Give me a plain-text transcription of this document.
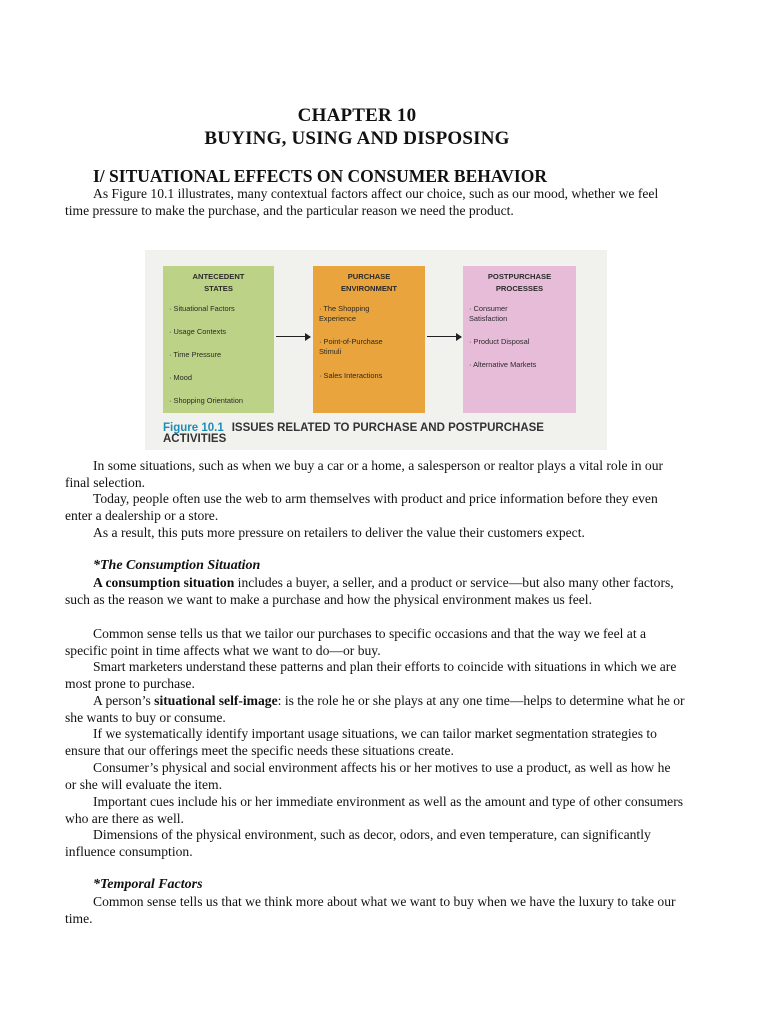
CHAPTER 10
BUYING, USING AND DISPOSING
I/ SITUATIONAL EFFECTS ON CONSUMER BEHAVIOR
As Figure 10.1 illustrates, many contextual factors affect our choice, such as our mood, whether we feel time pressure to make the purchase, and the particular reason we need the product.
ANTECEDENT
STATES
· Situational Factors
· Usage Contexts
· Time Pressure
· Mood
· Shopping Orientation
PURCHASE
ENVIRONMENT
· The Shopping Experience
· Point-of-Purchase Stimuli
· Sales Interactions
POSTPURCHASE
PROCESSES
· Consumer Satisfaction
· Product Disposal
· Alternative Markets
Figure 10.1 ISSUES RELATED TO PURCHASE AND POSTPURCHASE ACTIVITIES
In some situations, such as when we buy a car or a home, a salesperson or realtor plays a vital role in our final selection.
Today, people often use the web to arm themselves with product and price information before they even enter a dealership or a store.
As a result, this puts more pressure on retailers to deliver the value their customers expect.
*The Consumption Situation
A consumption situation includes a buyer, a seller, and a product or service—but also many other factors, such as the reason we want to make a purchase and how the physical environment makes us feel.
Common sense tells us that we tailor our purchases to specific occasions and that the way we feel at a specific point in time affects what we want to do—or buy.
Smart marketers understand these patterns and plan their efforts to coincide with situations in which we are most prone to purchase.
A person’s situational self-image: is the role he or she plays at any one time—helps to determine what he or she wants to buy or consume.
If we systematically identify important usage situations, we can tailor market segmentation strategies to ensure that our offerings meet the specific needs these situations create.
Consumer’s physical and social environment affects his or her motives to use a product, as well as how he or she will evaluate the item.
Important cues include his or her immediate environment as well as the amount and type of other consumers who are there as well.
Dimensions of the physical environment, such as decor, odors, and even temperature, can significantly influence consumption.
*Temporal Factors
Common sense tells us that we think more about what we want to buy when we have the luxury to take our time.
